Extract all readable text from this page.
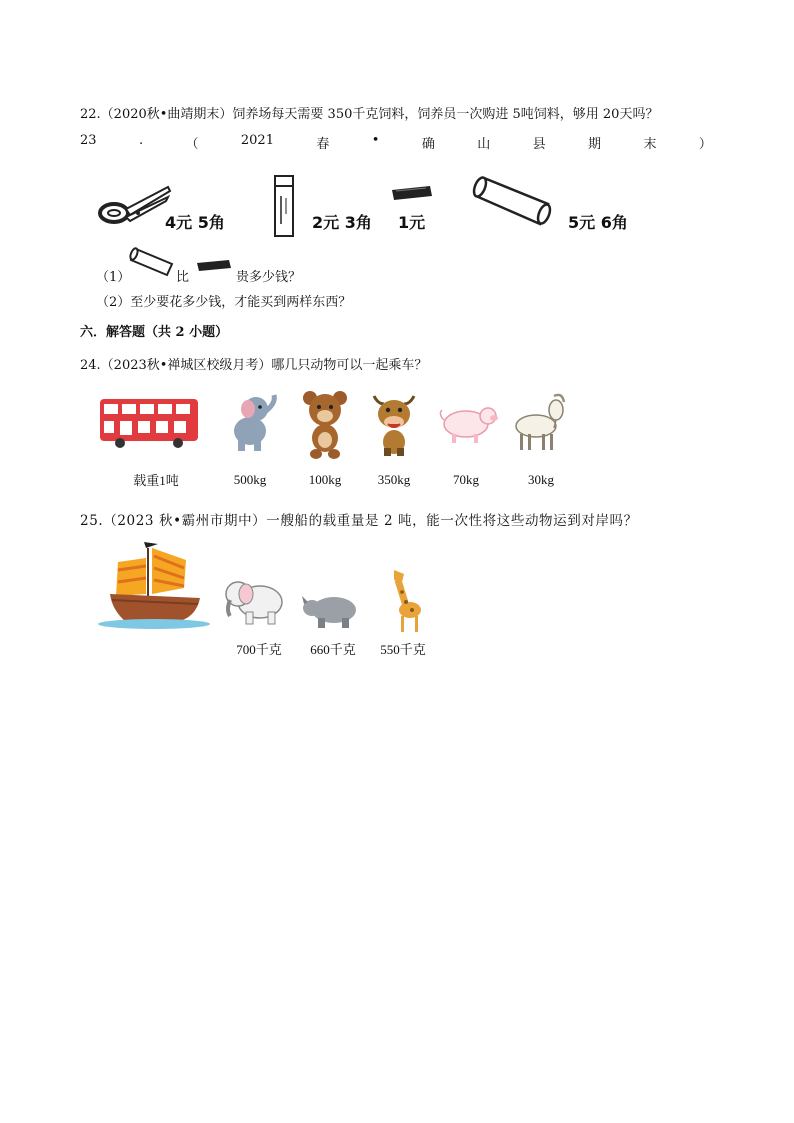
22.（2020秋•曲靖期末）饲养场每天需要 350千克饲料，饲养员一次购进 5吨饲料，够用 20天吗？
23	.	（	2021	春	•	确	山	县	期	末	）
4元 5角	2元 3角 1元	5元 6角
（1）	比	贵多少钱？
（2）至少要花多少钱，才能买到两样东西？
六．解答题（共 2 小题）
24.（2023秋•禅城区校级月考）哪几只动物可以一起乘车？
载重1吨	500kg	100kg	350kg	70kg	30kg
25.（2023 秋•霸州市期中）一艘船的载重量是 2 吨，能一次性将这些动物运到对岸吗？
700千克	660千克	550千克
